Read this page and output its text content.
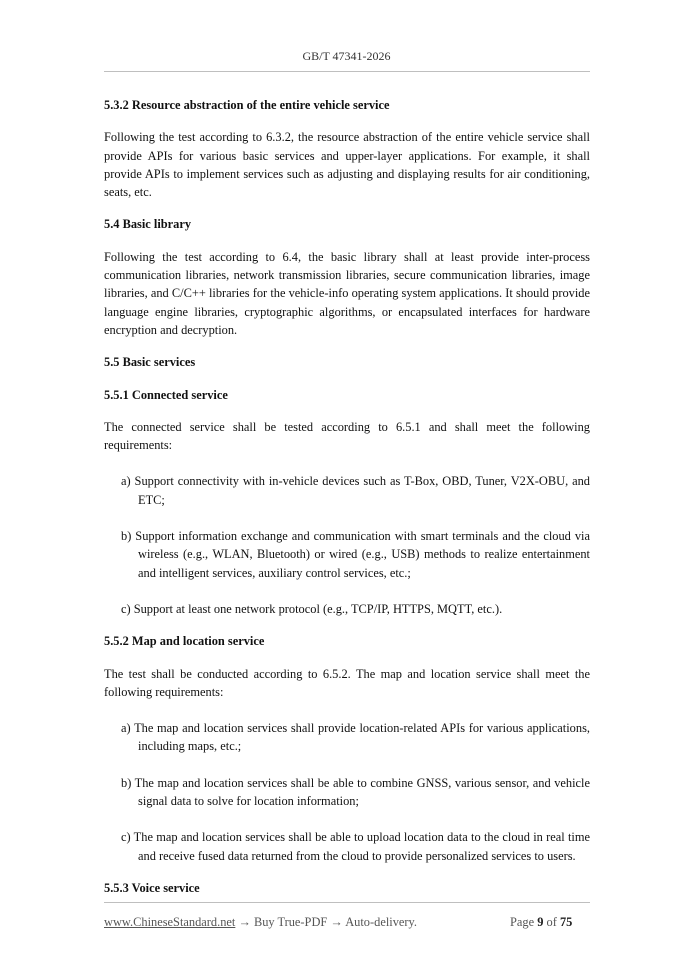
GB/T 47341-2026

5.3.2 Resource abstraction of the entire vehicle service

Following the test according to 6.3.2, the resource abstraction of the entire vehicle service shall provide APIs for various basic services and upper-layer applications. For example, it shall provide APIs to implement services such as adjusting and displaying results for air conditioning, seats, etc.

5.4 Basic library

Following the test according to 6.4, the basic library shall at least provide inter-process communication libraries, network transmission libraries, secure communication libraries, image libraries, and C/C++ libraries for the vehicle-info operating system applications. It should provide language engine libraries, cryptographic algorithms, or encapsulated interfaces for hardware encryption and decryption.

5.5 Basic services

5.5.1 Connected service

The connected service shall be tested according to 6.5.1 and shall meet the following requirements:

a) Support connectivity with in-vehicle devices such as T-Box, OBD, Tuner, V2X-OBU, and ETC;

b) Support information exchange and communication with smart terminals and the cloud via wireless (e.g., WLAN, Bluetooth) or wired (e.g., USB) methods to realize entertainment and intelligent services, auxiliary control services, etc.;

c) Support at least one network protocol (e.g., TCP/IP, HTTPS, MQTT, etc.).

5.5.2 Map and location service

The test shall be conducted according to 6.5.2. The map and location service shall meet the following requirements:

a) The map and location services shall provide location-related APIs for various applications, including maps, etc.;

b) The map and location services shall be able to combine GNSS, various sensor, and vehicle signal data to solve for location information;

c) The map and location services shall be able to upload location data to the cloud in real time and receive fused data returned from the cloud to provide personalized services to users.

5.5.3 Voice service

www.ChineseStandard.net → Buy True-PDF → Auto-delivery.	Page 9 of 75
